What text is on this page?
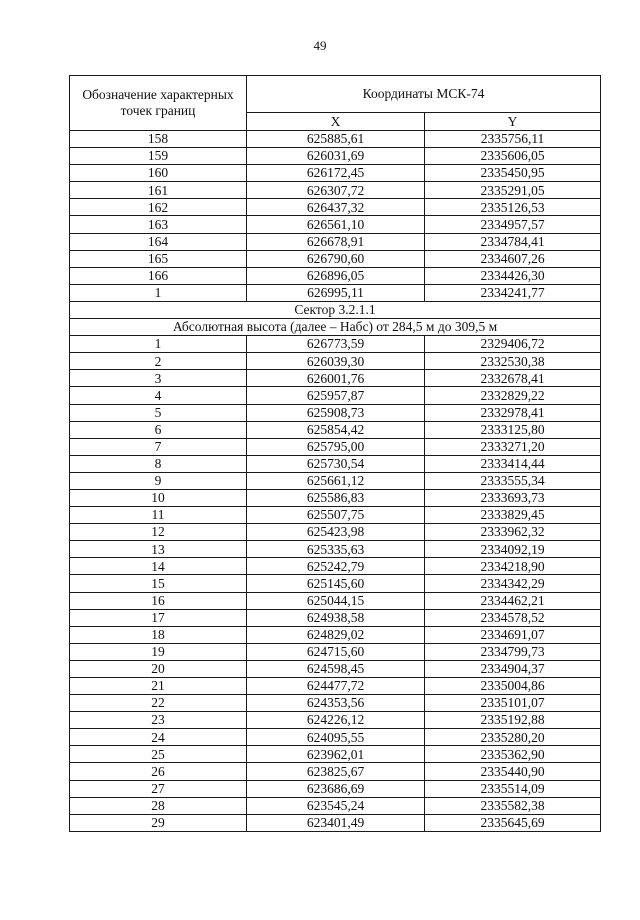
49
Обозначение характерных точек границ	Координаты МСК-74	
	X	Y
158	625885,61	2335756,11
159	626031,69	2335606,05
160	626172,45	2335450,95
161	626307,72	2335291,05
162	626437,32	2335126,53
163	626561,10	2334957,57
164	626678,91	2334784,41
165	626790,60	2334607,26
166	626896,05	2334426,30
1	626995,11	2334241,77
Сектор 3.2.1.1		
Абсолютная высота (далее – Набс) от 284,5 м до 309,5 м		
1	626773,59	2329406,72
2	626039,30	2332530,38
3	626001,76	2332678,41
4	625957,87	2332829,22
5	625908,73	2332978,41
6	625854,42	2333125,80
7	625795,00	2333271,20
8	625730,54	2333414,44
9	625661,12	2333555,34
10	625586,83	2333693,73
11	625507,75	2333829,45
12	625423,98	2333962,32
13	625335,63	2334092,19
14	625242,79	2334218,90
15	625145,60	2334342,29
16	625044,15	2334462,21
17	624938,58	2334578,52
18	624829,02	2334691,07
19	624715,60	2334799,73
20	624598,45	2334904,37
21	624477,72	2335004,86
22	624353,56	2335101,07
23	624226,12	2335192,88
24	624095,55	2335280,20
25	623962,01	2335362,90
26	623825,67	2335440,90
27	623686,69	2335514,09
28	623545,24	2335582,38
29	623401,49	2335645,69
